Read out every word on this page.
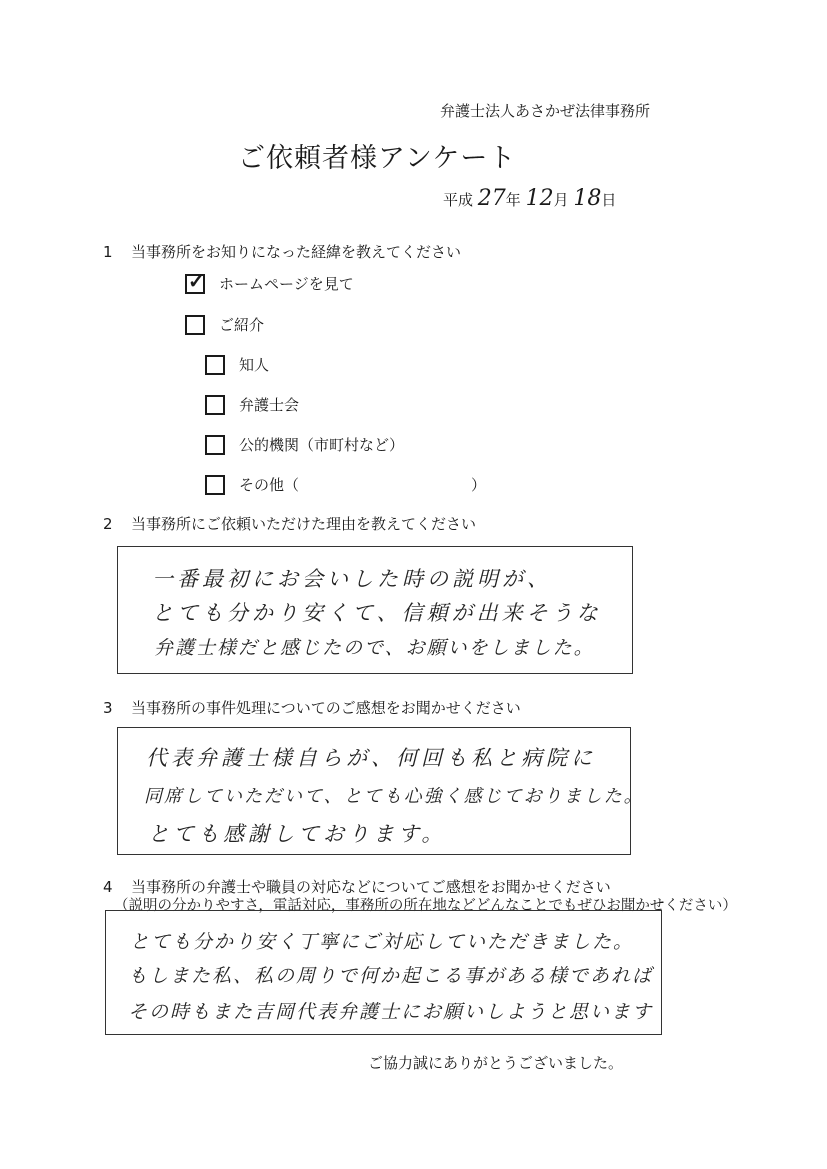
弁護士法人あさかぜ法律事務所
ご依頼者様アンケート
平成 27年 12月 18日
1 当事務所をお知りになった経緯を教えてください
✓ ホームページを見て
ご紹介
知人
弁護士会
公的機関（市町村など）
その他（	）
2 当事務所にご依頼いただけた理由を教えてください
一番最初にお会いした時の説明が、
とても分かり安くて、信頼が出来そうな
弁護士様だと感じたので、お願いをしました。
3 当事務所の事件処理についてのご感想をお聞かせください
代表弁護士様自らが、何回も私と病院に
同席していただいて、とても心強く感じておりました。
とても感謝しております。
4 当事務所の弁護士や職員の対応などについてご感想をお聞かせください
（説明の分かりやすさ，電話対応，事務所の所在地などどんなことでもぜひお聞かせください）
とても分かり安く丁寧にご対応していただきました。
もしまた私、私の周りで何か起こる事がある様であれば
その時もまた吉岡代表弁護士にお願いしようと思います
ご協力誠にありがとうございました。
